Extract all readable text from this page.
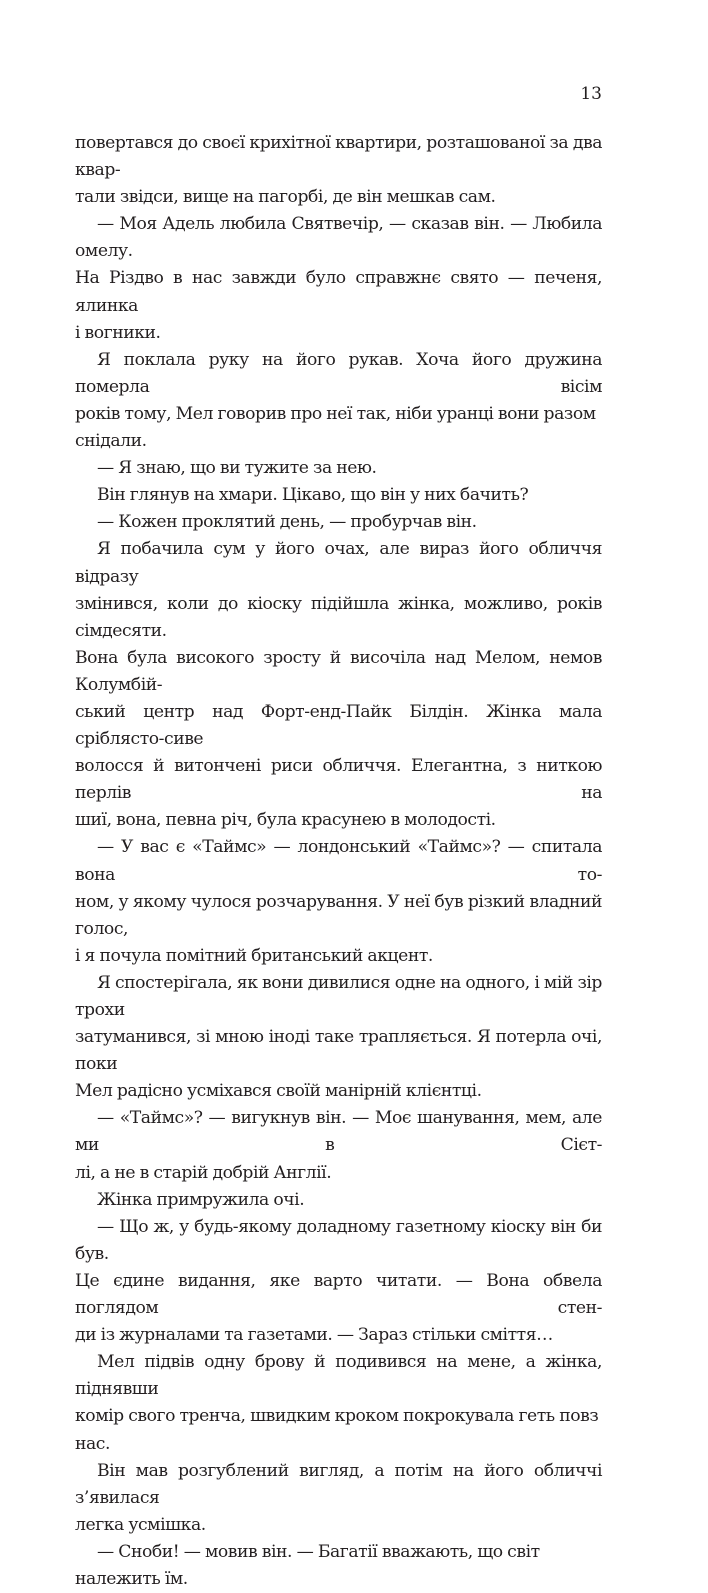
13

повертався до своєї крихітної квартири, розташованої за два квар-
тали звідси, вище на пагорбі, де він мешкав сам.

— Моя Адель любила Святвечір, — сказав він. — Любила омелу.
На Різдво в нас завжди було справжнє свято — печеня, ялинка
і вогники.

Я поклала руку на його рукав. Хоча його дружина померла вісім
років тому, Мел говорив про неї так, ніби уранці вони разом снідали.

— Я знаю, що ви тужите за нею.

Він глянув на хмари. Цікаво, що він у них бачить?

— Кожен проклятий день, — пробурчав він.

Я побачила сум у його очах, але вираз його обличчя відразу
змінився, коли до кіоску підійшла жінка, можливо, років сімдесяти.
Вона була високого зросту й височіла над Мелом, немов Колумбій-
ський центр над Форт-енд-Пайк Білдін. Жінка мала сріблясто-сиве
волосся й витончені риси обличчя. Елегантна, з ниткою перлів на
шиї, вона, певна річ, була красунею в молодості.

— У вас є «Таймс» — лондонський «Таймс»? — спитала вона то-
ном, у якому чулося розчарування. У неї був різкий владний голос,
і я почула помітний британський акцент.

Я спостерігала, як вони дивилися одне на одного, і мій зір трохи
затуманився, зі мною іноді таке трапляється. Я потерла очі, поки
Мел радісно усміхався своїй манірній клієнтці.

— «Таймс»? — вигукнув він. — Моє шанування, мем, але ми в Сієт-
лі, а не в старій добрій Англії.

Жінка примружила очі.

— Що ж, у будь-якому доладному газетному кіоску він би був.
Це єдине видання, яке варто читати. — Вона обвела поглядом стен-
ди із журналами та газетами. — Зараз стільки сміття…

Мел підвів одну брову й подивився на мене, а жінка, піднявши
комір свого тренча, швидким кроком покрокувала геть повз нас.

Він мав розгублений вигляд, а потім на його обличчі з’явилася
легка усмішка.

— Сноби! — мовив він. — Багатії вважають, що світ належить їм.
